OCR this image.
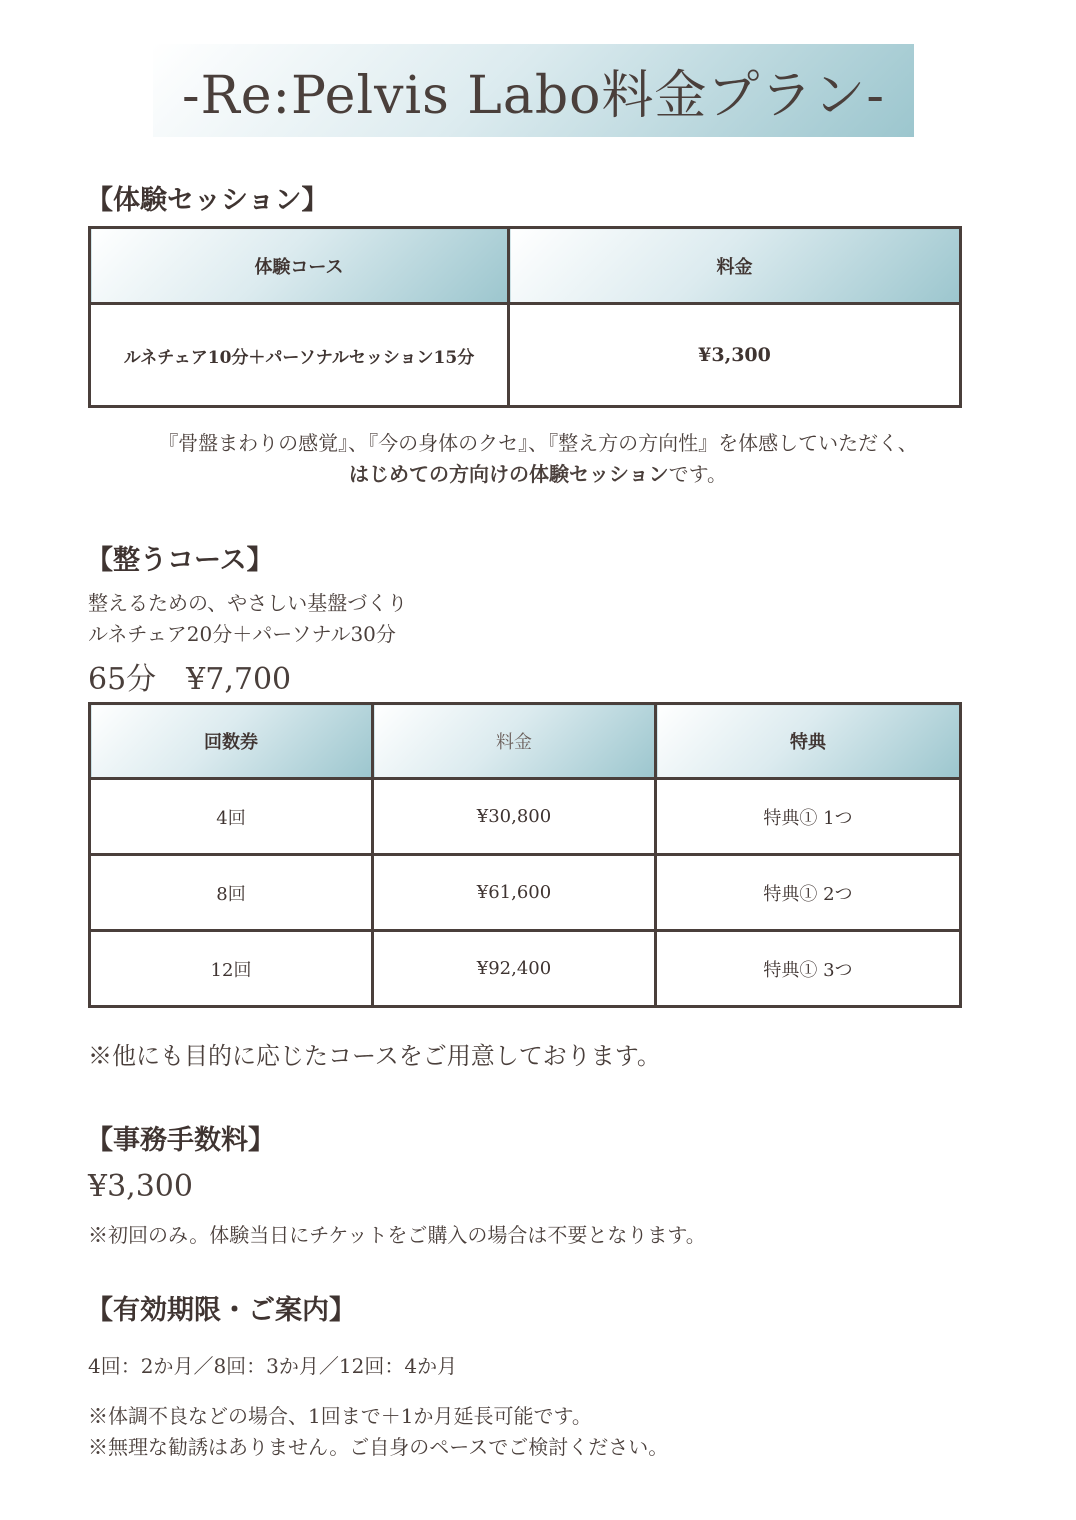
-Re:Pelvis Labo料金プラン-
【体験セッション】
体験コース	料金
ルネチェア10分＋パーソナルセッション15分	¥3,300
『骨盤まわりの感覚』、『今の身体のクセ』、『整え方の方向性』を体感していただく、
はじめての方向けの体験セッションです。
【整うコース】
整えるための、やさしい基盤づくり
ルネチェア20分＋パーソナル30分
65分　¥7,700
回数券	料金	特典
4回	¥30,800	特典① 1つ
8回	¥61,600	特典① 2つ
12回	¥92,400	特典① 3つ
※他にも目的に応じたコースをご用意しております。
【事務手数料】
¥3,300
※初回のみ。体験当日にチケットをご購入の場合は不要となります。
【有効期限・ご案内】
4回：2か月／8回：3か月／12回：4か月
※体調不良などの場合、1回まで＋1か月延長可能です。
※無理な勧誘はありません。ご自身のペースでご検討ください。
